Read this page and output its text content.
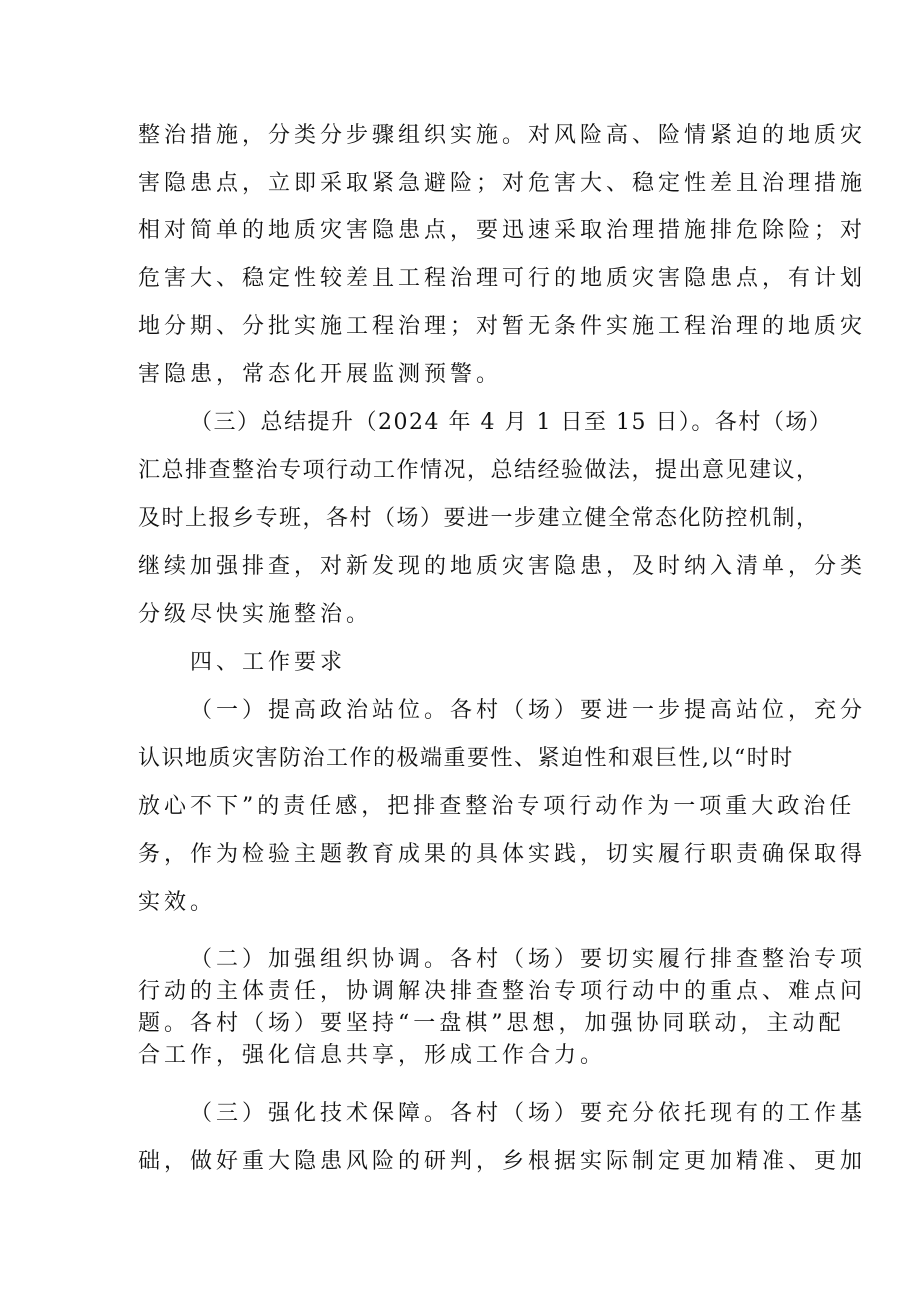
整治措施，分类分步骤组织实施。对风险高、险情紧迫的地质灾
害隐患点，立即采取紧急避险；对危害大、稳定性差且治理措施
相对简单的地质灾害隐患点，要迅速采取治理措施排危除险；对
危害大、稳定性较差且工程治理可行的地质灾害隐患点，有计划
地分期、分批实施工程治理；对暂无条件实施工程治理的地质灾
害隐患，常态化开展监测预警。
（三）总结提升（2024 年 4 月 1 日至 15 日）。各村（场）
汇总排查整治专项行动工作情况，总结经验做法，提出意见建议，
及时上报乡专班，各村（场）要进一步建立健全常态化防控机制，
继续加强排查，对新发现的地质灾害隐患，及时纳入清单，分类
分级尽快实施整治。
四、工作要求
（一）提高政治站位。各村（场）要进一步提高站位，充分
认识地质灾害防治工作的极端重要性、紧迫性和艰巨性,以“时时
放心不下”的责任感，把排查整治专项行动作为一项重大政治任
务，作为检验主题教育成果的具体实践，切实履行职责确保取得
实效。
（二）加强组织协调。各村（场）要切实履行排查整治专项
行动的主体责任，协调解决排查整治专项行动中的重点、难点问
题。各村（场）要坚持“一盘棋”思想，加强协同联动，主动配
合工作，强化信息共享，形成工作合力。
（三）强化技术保障。各村（场）要充分依托现有的工作基
础，做好重大隐患风险的研判，乡根据实际制定更加精准、更加
